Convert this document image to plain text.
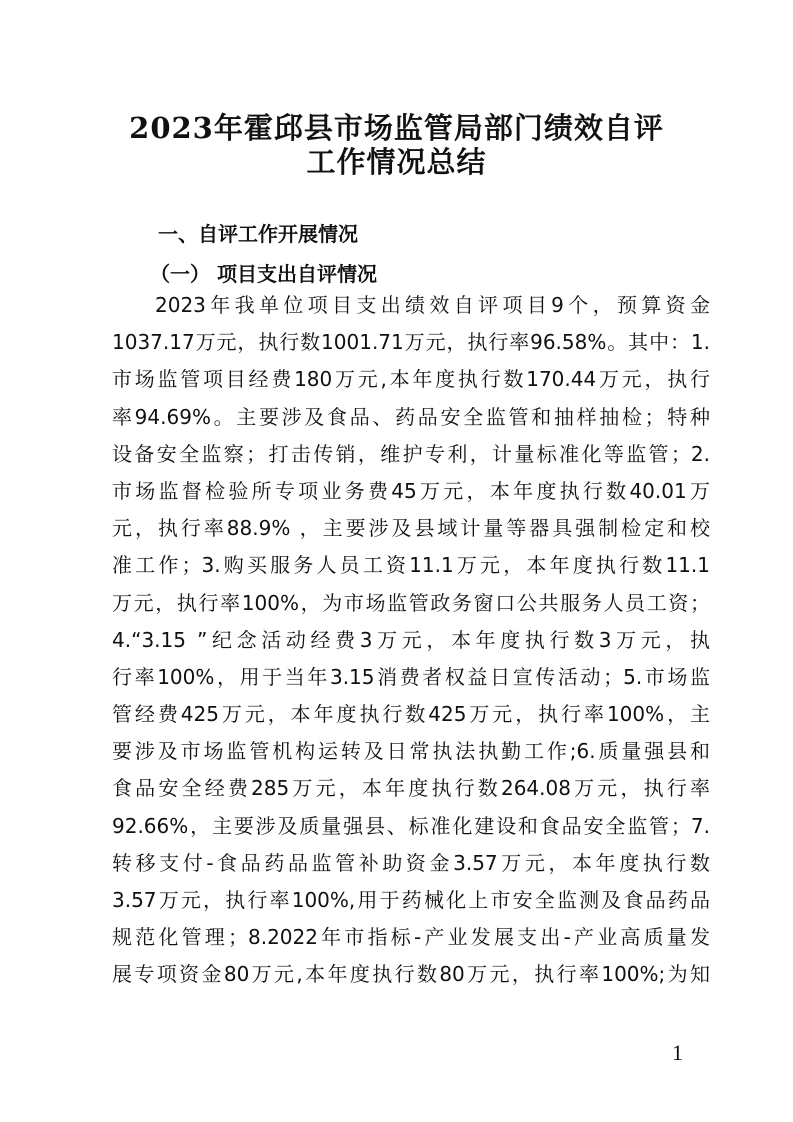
2023年霍邱县市场监管局部门绩效自评
工作情况总结
一、自评工作开展情况
（一） 项目支出自评情况
2023年我单位项目支出绩效自评项目9个，预算资金
1037.17万元，执行数1001.71万元，执行率96.58%。其中：1.
市场监管项目经费180万元,本年度执行数170.44万元，执行
率94.69%。主要涉及食品、药品安全监管和抽样抽检；特种
设备安全监察；打击传销，维护专利，计量标准化等监管；2.
市场监督检验所专项业务费45万元，本年度执行数40.01万
元，执行率88.9% ，主要涉及县域计量等器具强制检定和校
准工作；3.购买服务人员工资11.1万元，本年度执行数11.1
万元，执行率100%，为市场监管政务窗口公共服务人员工资；
4.“3.15 ”纪念活动经费3万元，本年度执行数3万元，执
行率100%，用于当年3.15消费者权益日宣传活动；5.市场监
管经费425万元，本年度执行数425万元，执行率100%，主
要涉及市场监管机构运转及日常执法执勤工作;6.质量强县和
食品安全经费285万元，本年度执行数264.08万元，执行率
92.66%，主要涉及质量强县、标准化建设和食品安全监管；7.
转移支付-食品药品监管补助资金3.57万元，本年度执行数
3.57万元，执行率100%,用于药械化上市安全监测及食品药品
规范化管理；8.2022年市指标-产业发展支出-产业高质量发
展专项资金80万元,本年度执行数80万元，执行率100%;为知
1
